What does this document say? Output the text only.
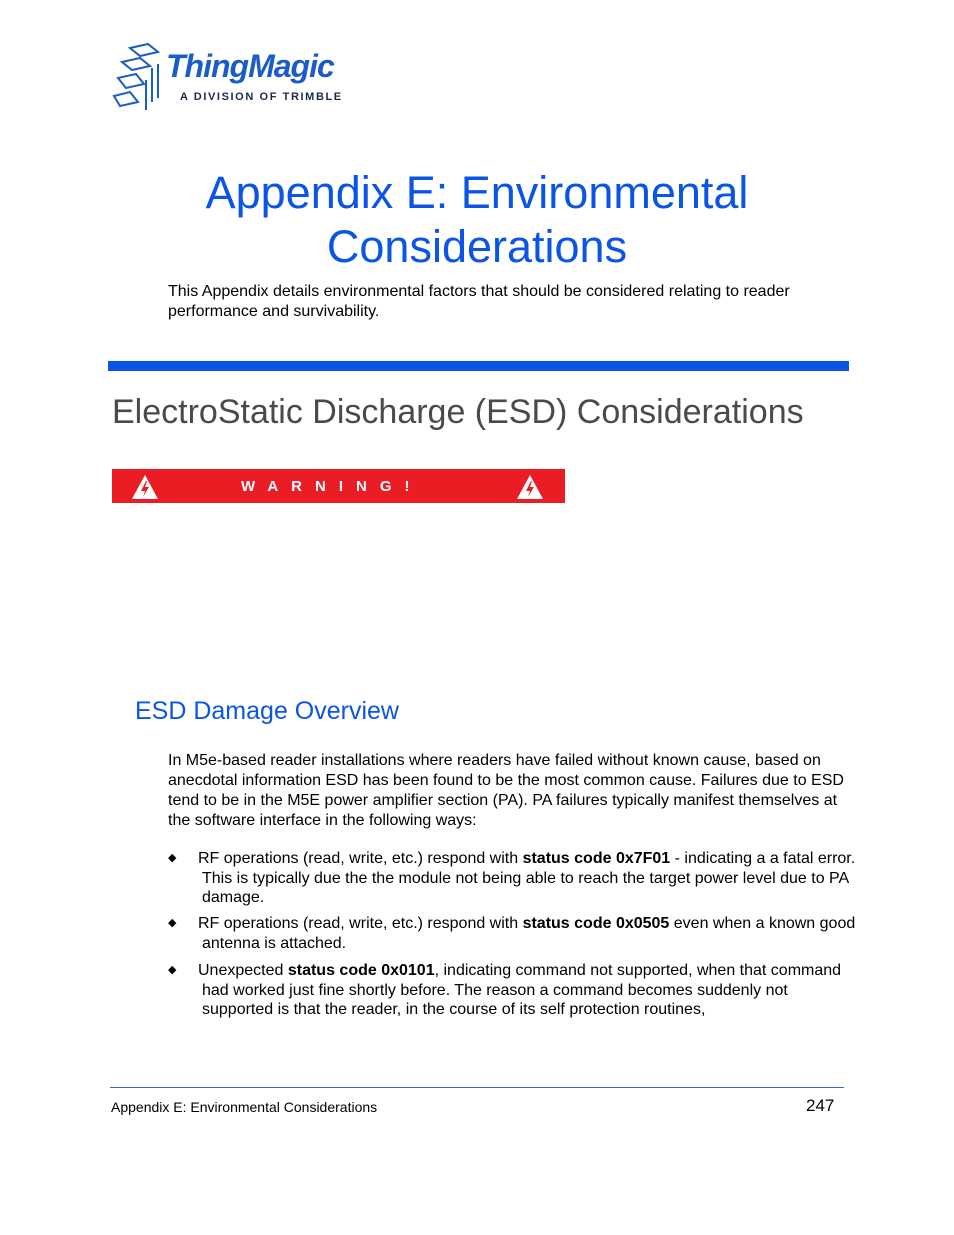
ThingMagic
A DIVISION OF TRIMBLE
Appendix E: Environmental
Considerations
This Appendix details environmental factors that should be considered relating to reader performance and survivability.
ElectroStatic Discharge (ESD) Considerations
WARNING!
ESD Damage Overview
In M5e-based reader installations where readers have failed without known cause, based on anecdotal information ESD has been found to be the most common cause. Failures due to ESD tend to be in the M5E power amplifier section (PA). PA failures typically manifest themselves at the software interface in the following ways:
◆	RF operations (read, write, etc.) respond with status code 0x7F01 - indicating a a fatal error. This is typically due the the module not being able to reach the target power level due to PA damage.
◆	RF operations (read, write, etc.) respond with status code 0x0505 even when a known good antenna is attached.
◆	Unexpected status code 0x0101, indicating command not supported, when that command had worked just fine shortly before. The reason a command becomes suddenly not supported is that the reader, in the course of its self protection routines,
Appendix E: Environmental Considerations	247
